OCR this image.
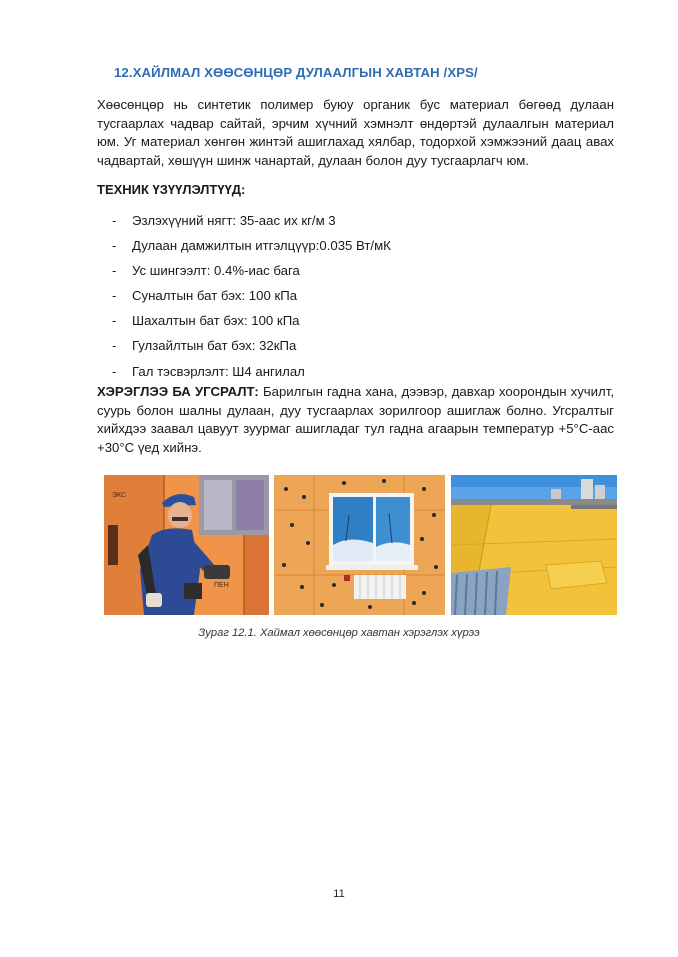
12.ХАЙЛМАЛ ХӨӨСӨНЦӨР ДУЛААЛГЫН ХАВТАН /XPS/

Хөөсөнцөр нь синтетик полимер буюу органик бус материал бөгөөд дулаан тусгаарлах чадвар сайтай, эрчим хүчний хэмнэлт өндөртэй дулаалгын материал юм. Уг материал хөнгөн жинтэй ашиглахад хялбар, тодорхой хэмжээний даац авах чадвартай, хөшүүн шинж чанартай, дулаан болон дуу тусгаарлагч юм.

ТЕХНИК ҮЗҮҮЛЭЛТҮҮД:
-	Эзлэхүүний нягт: 35-аас их кг/м 3
-	Дулаан дамжилтын итгэлцүүр:0.035 Вт/мК
-	Ус шингээлт: 0.4%-иас бага
-	Суналтын бат бэх: 100 кПа
-	Шахалтын бат бэх: 100 кПа
-	Гулзайлтын бат бэх: 32кПа
-	Гал тэсвэрлэлт: Ш4 ангилал

ХЭРЭГЛЭЭ БА УГСРАЛТ: Барилгын гадна хана, дээвэр, давхар хоорондын хучилт, суурь болон шалны дулаан, дуу тусгаарлах зорилгоор ашиглаж болно. Угсралтыг хийхдээ заавал цавуут зуурмаг ашигладаг тул гадна агаарын температур +5°C-аас +30°C үед хийнэ.

ЭКС
ПЕН
Зураг 12.1. Хаймал хөөсөнцөр хавтан хэрэглэх хүрээ
11
